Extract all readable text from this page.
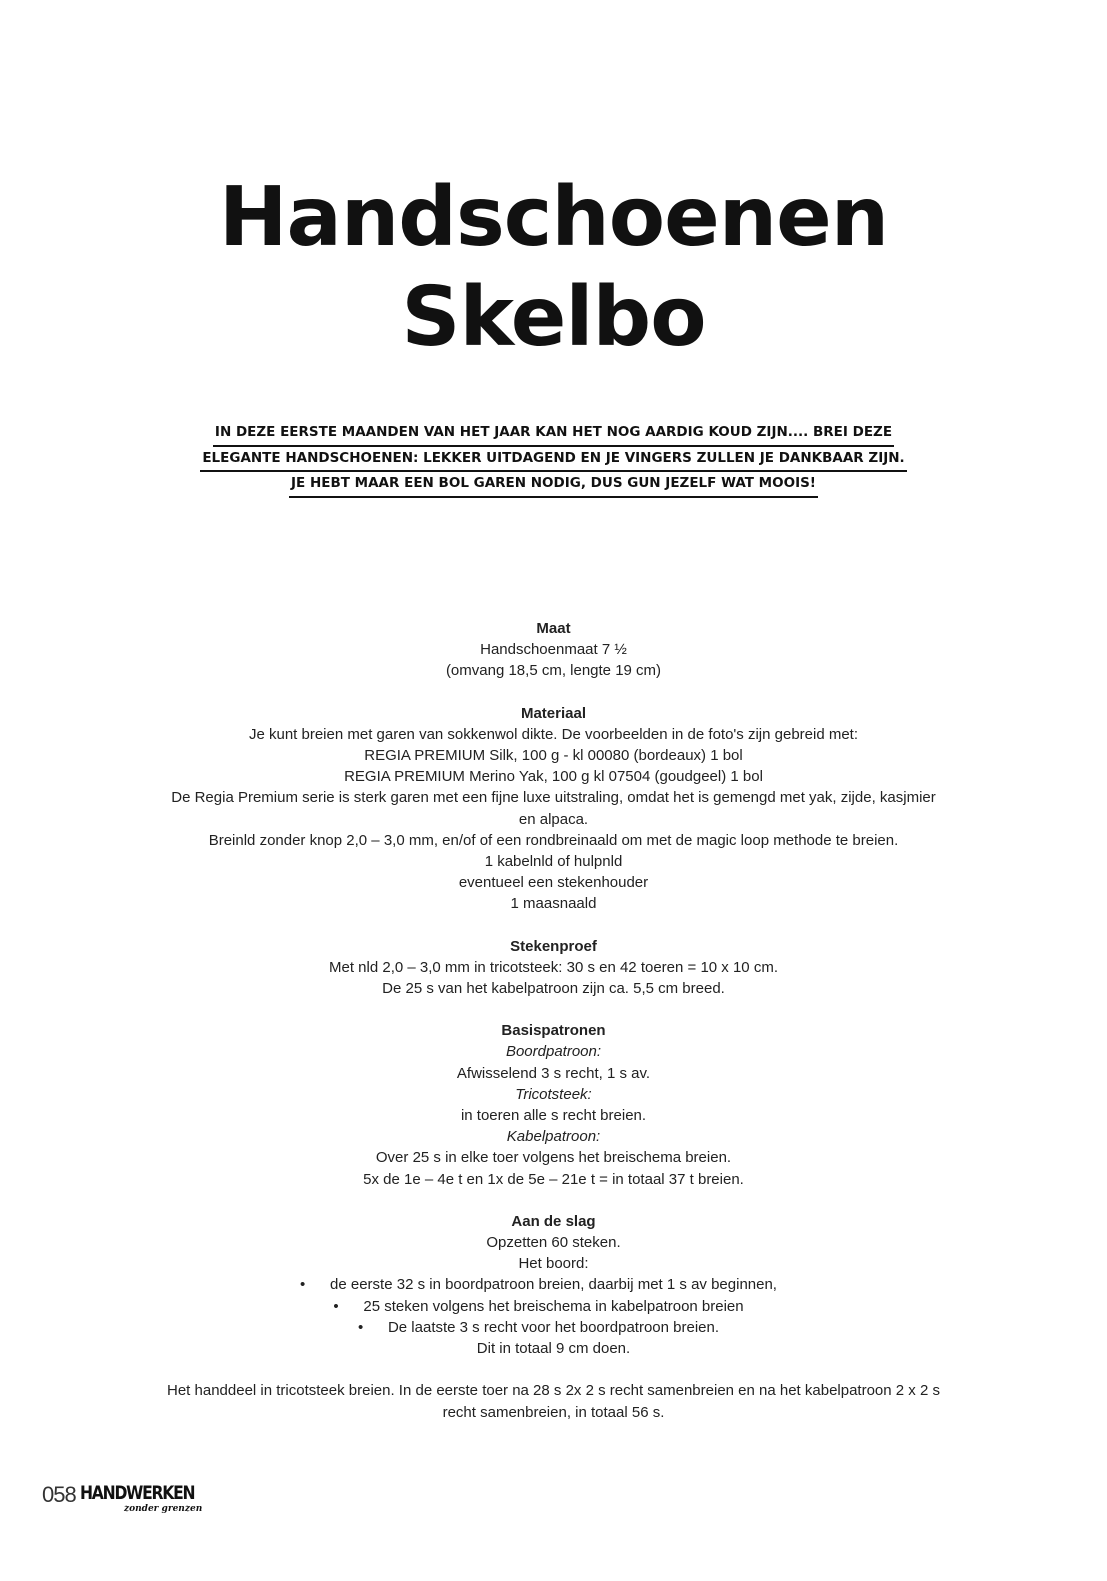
Handschoenen
Skelbo
IN DEZE EERSTE MAANDEN VAN HET JAAR KAN HET NOG AARDIG KOUD ZIJN.... BREI DEZE
ELEGANTE HANDSCHOENEN: LEKKER UITDAGEND EN JE VINGERS ZULLEN JE DANKBAAR ZIJN.
JE HEBT MAAR EEN BOL GAREN NODIG, DUS GUN JEZELF WAT MOOIS!

Maat

Handschoenmaat 7 ½

(omvang 18,5 cm, lengte 19 cm)

Materiaal

Je kunt breien met garen van sokkenwol dikte. De voorbeelden in de foto's zijn gebreid met:

REGIA PREMIUM Silk, 100 g - kl 00080 (bordeaux) 1 bol

REGIA PREMIUM Merino Yak, 100 g kl 07504 (goudgeel) 1 bol

De Regia Premium serie is sterk garen met een fijne luxe uitstraling, omdat het is gemengd met yak, zijde, kasjmier

en alpaca.

Breinld zonder knop 2,0 – 3,0 mm, en/of of een rondbreinaald om met de magic loop methode te breien.

1 kabelnld of hulpnld

eventueel een stekenhouder

1 maasnaald

Stekenproef

Met nld 2,0 – 3,0 mm in tricotsteek: 30 s en 42 toeren = 10 x 10 cm.

De 25 s van het kabelpatroon zijn ca. 5,5 cm breed.

Basispatronen

Boordpatroon:

Afwisselend 3 s recht, 1 s av.

Tricotsteek:

in toeren alle s recht breien.

Kabelpatroon:

Over 25 s in elke toer volgens het breischema breien.

5x de 1e – 4e t en 1x de 5e – 21e t = in totaal 37 t breien.

Aan de slag

Opzetten 60 steken.

Het boord:

• de eerste 32 s in boordpatroon breien, daarbij met 1 s av beginnen,

• 25 steken volgens het breischema in kabelpatroon breien

• De laatste 3 s recht voor het boordpatroon breien.

Dit in totaal 9 cm doen.

Het handdeel in tricotsteek breien. In de eerste toer na 28 s 2x 2 s recht samenbreien en na het kabelpatroon 2 x 2 s

recht samenbreien, in totaal 56 s.

058 HANDWERKEN
zonder grenzen
